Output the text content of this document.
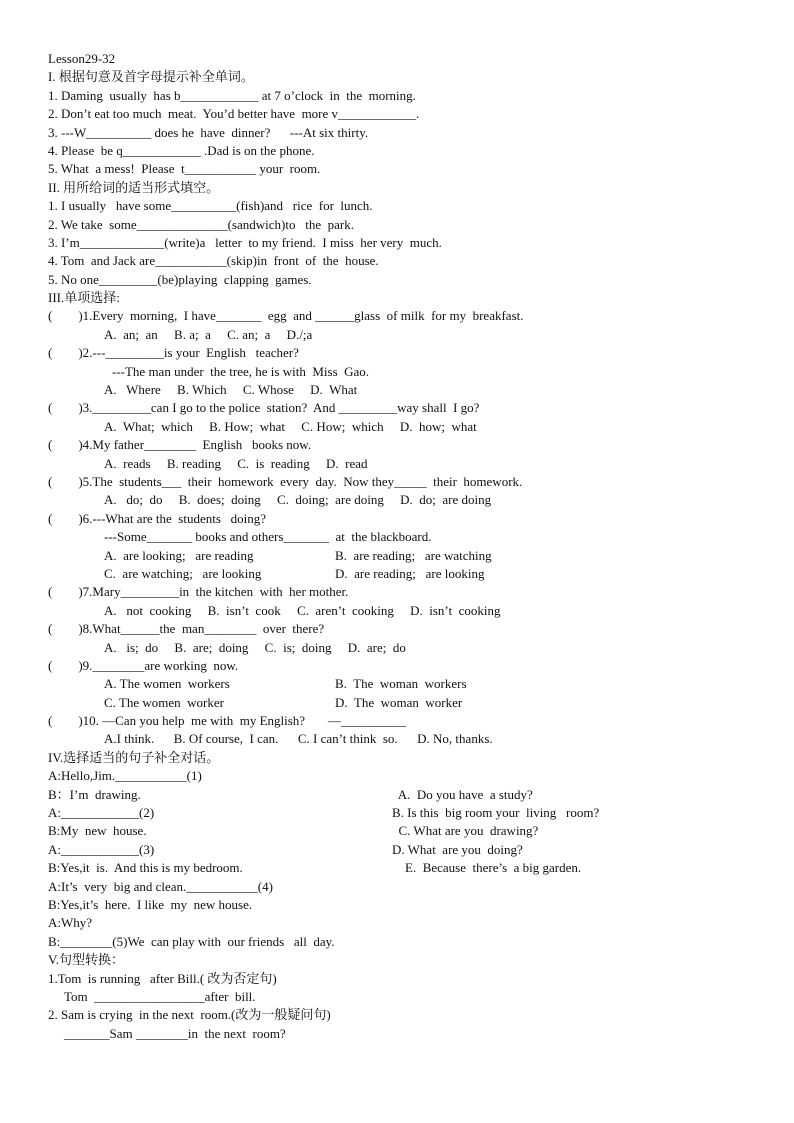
Lesson29-32
I. 根据句意及首字母提示补全单词。
1. Daming  usually  has b____________ at 7 o’clock  in  the  morning.
2. Don’t eat too much  meat.  You’d better have  more v____________.
3. ---W__________ does he  have  dinner?      ---At six thirty.
4. Please  be q____________ .Dad is on the phone.
5. What  a mess!  Please  t___________ your  room.
II. 用所给词的适当形式填空。
1. I usually   have some__________(fish)and   rice  for  lunch.
2. We take  some______________(sandwich)to   the  park.
3. I’m_____________(write)a   letter  to my friend.  I miss  her very  much.
4. Tom  and Jack are___________(skip)in  front  of  the  house.
5. No one_________(be)playing  clapping  games.
III.单项选择:
(        )1.Every  morning,  I have_______  egg  and ______glass  of milk  for my  breakfast.
A.  an;  an     B. a;  a     C. an;  a     D./;a
(        )2.---_________is your  English   teacher?
---The man under  the tree, he is with  Miss  Gao.
A.   Where     B. Which     C. Whose     D.  What
(        )3._________can I go to the police  station?  And _________way shall  I go?
A.  What;  which     B. How;  what     C. How;  which     D.  how;  what
(        )4.My father________  English   books now.
A.  reads     B. reading     C.  is  reading     D.  read
(        )5.The  students___  their  homework  every  day.  Now they_____  their  homework.
A.   do;  do     B.  does;  doing     C.  doing;  are doing     D.  do;  are doing
(        )6.---What are the  students   doing?
---Some_______ books and others_______  at  the blackboard.
A.  are looking;   are reading	B.  are reading;   are watching
C.  are watching;   are looking	D.  are reading;   are looking
(        )7.Mary_________in  the kitchen  with  her mother.
A.   not  cooking     B.  isn’t  cook     C.  aren’t  cooking     D.  isn’t  cooking
(        )8.What______the  man________  over  there?
A.   is;  do     B.  are;  doing     C.  is;  doing     D.  are;  do
(        )9.________are working  now.
A. The women  workers	B.  The  woman  workers
C. The women  worker	D.  The  woman  worker
(        )10. —Can you help  me with  my English?       —__________
A.I think.      B. Of course,  I can.      C. I can’t think  so.      D. No, thanks.
IV.选择适当的句子补全对话。
A:Hello,Jim.___________(1)
B：I’m  drawing.	A.  Do you have  a study?
A:____________(2)	B. Is this  big room your  living   room?
B:My  new  house.	C. What are you  drawing?
A:____________(3)	D. What  are you  doing?
B:Yes,it  is.  And this is my bedroom.	E.  Because  there’s  a big garden.
A:It’s  very  big and clean.___________(4)
B:Yes,it’s  here.  I like  my  new house.
A:Why?
B:________(5)We  can play with  our friends   all  day.
V.句型转换：
1.Tom  is running   after Bill.( 改为否定句)
Tom  _________________after  bill.
2. Sam is crying  in the next  room.(改为一般疑问句)
_______Sam ________in  the next  room?
